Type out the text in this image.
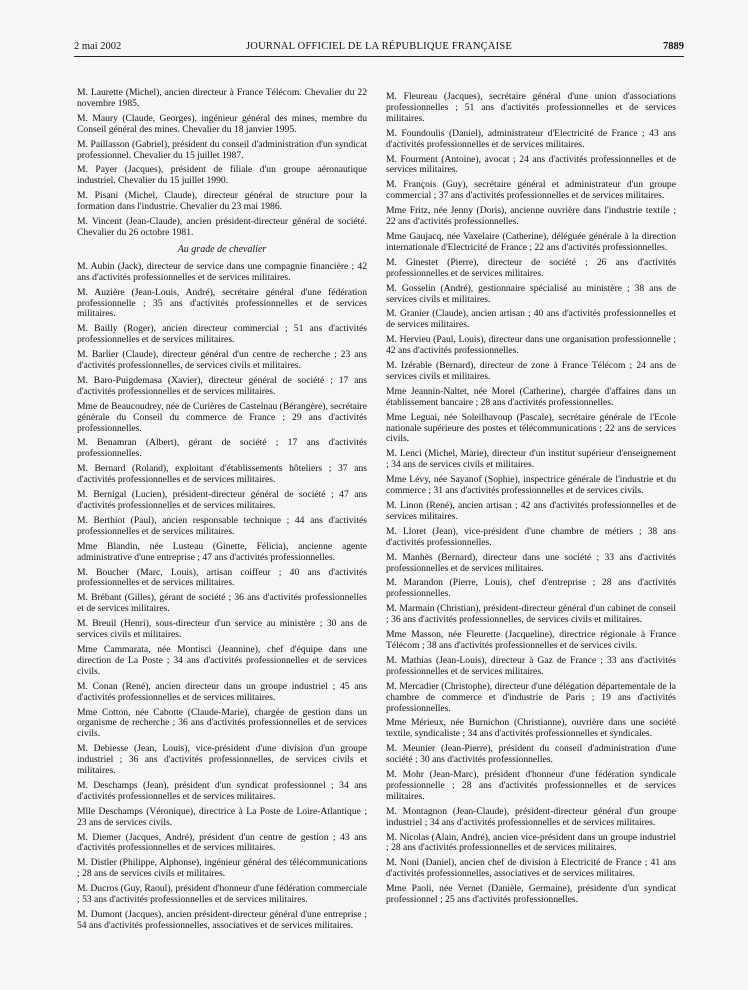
2 mai 2002	JOURNAL OFFICIEL DE LA RÉPUBLIQUE FRANÇAISE	7889

M. Laurette (Michel), ancien directeur à France Télécom. Chevalier du 22 novembre 1985.

M. Maury (Claude, Georges), ingénieur général des mines, membre du Conseil général des mines. Chevalier du 18 janvier 1995.

M. Paillasson (Gabriel), président du conseil d'administration d'un syndicat professionnel. Chevalier du 15 juillet 1987.

M. Payer (Jacques), président de filiale d'un groupe aéronautique industriel. Chevalier du 15 juillet 1990.

M. Pisani (Michel, Claude), directeur général de structure pour la formation dans l'industrie. Chevalier du 23 mai 1986.

M. Vincent (Jean-Claude), ancien président-directeur général de société. Chevalier du 26 octobre 1981.

Au grade de chevalier

M. Aubin (Jack), directeur de service dans une compagnie financière ; 42 ans d'activités professionnelles et de services militaires.

M. Auzière (Jean-Louis, André), secrétaire général d'une fédération professionnelle ; 35 ans d'activités professionnelles et de services militaires.

M. Bailly (Roger), ancien directeur commercial ; 51 ans d'activités professionnelles et de services militaires.

M. Barlier (Claude), directeur général d'un centre de recherche ; 23 ans d'activités professionnelles, de services civils et militaires.

M. Baro-Puigdemasa (Xavier), directeur général de société ; 17 ans d'activités professionnelles et de services militaires.

Mme de Beaucoudrey, née de Curières de Castelnau (Bérangère), secrétaire générale du Conseil du commerce de France ; 29 ans d'activités professionnelles.

M. Benamran (Albert), gérant de société ; 17 ans d'activités professionnelles.

M. Bernard (Roland), exploitant d'établissements hôteliers ; 37 ans d'activités professionnelles et de services militaires.

M. Bernigal (Lucien), président-directeur général de société ; 47 ans d'activités professionnelles et de services militaires.

M. Berthiot (Paul), ancien responsable technique ; 44 ans d'activités professionnelles et de services militaires.

Mme Blandin, née Lusteau (Ginette, Félicia), ancienne agente administrative d'une entreprise ; 47 ans d'activités professionnelles.

M. Boucher (Marc, Louis), artisan coiffeur ; 40 ans d'activités professionnelles et de services militaires.

M. Brébant (Gilles), gérant de société ; 36 ans d'activités professionnelles et de services militaires.

M. Breuil (Henri), sous-directeur d'un service au ministère ; 30 ans de services civils et militaires.

Mme Cammarata, née Montisci (Jeannine), chef d'équipe dans une direction de La Poste ; 34 ans d'activités professionnelles et de services civils.

M. Conan (René), ancien directeur dans un groupe industriel ; 45 ans d'activités professionnelles et de services militaires.

Mme Cotton, née Cabotte (Claude-Marie), chargée de gestion dans un organisme de recherche ; 36 ans d'activités professionnelles et de services civils.

M. Debiesse (Jean, Louis), vice-président d'une division d'un groupe industriel ; 36 ans d'activités professionnelles, de services civils et militaires.

M. Deschamps (Jean), président d'un syndicat professionnel ; 34 ans d'activités professionnelles et de services militaires.

Mlle Deschamps (Véronique), directrice à La Poste de Loire-Atlantique ; 23 ans de services civils.

M. Diemer (Jacques, André), président d'un centre de gestion ; 43 ans d'activités professionnelles et de services militaires.

M. Distler (Philippe, Alphonse), ingénieur général des télécommunications ; 28 ans de services civils et militaires.

M. Ducros (Guy, Raoul), président d'honneur d'une fédération commerciale ; 53 ans d'activités professionnelles et de services militaires.

M. Dumont (Jacques), ancien président-directeur général d'une entreprise ; 54 ans d'activités professionnelles, associatives et de services militaires.

M. Fleureau (Jacques), secrétaire général d'une union d'associations professionnelles ; 51 ans d'activités professionnelles et de services militaires.

M. Foundoulis (Daniel), administrateur d'Electricité de France ; 43 ans d'activités professionnelles et de services militaires.

M. Fourment (Antoine), avocat ; 24 ans d'activités professionnelles et de services militaires.

M. François (Guy), secrétaire général et administrateur d'un groupe commercial ; 37 ans d'activités professionnelles et de services militaires.

Mme Fritz, née Jenny (Doris), ancienne ouvrière dans l'industrie textile ; 22 ans d'activités professionnelles.

Mme Gaujacq, née Vaxelaire (Catherine), déléguée générale à la direction internationale d'Electricité de France ; 22 ans d'activités professionnelles.

M. Ginestet (Pierre), directeur de société ; 26 ans d'activités professionnelles et de services militaires.

M. Gosselin (André), gestionnaire spécialisé au ministère ; 38 ans de services civils et militaires.

M. Granier (Claude), ancien artisan ; 40 ans d'activités professionnelles et de services militaires.

M. Hervieu (Paul, Louis), directeur dans une organisation professionnelle ; 42 ans d'activités professionnelles.

M. Izérable (Bernard), directeur de zone à France Télécom ; 24 ans de services civils et militaires.

Mme Jeannin-Naltet, née Morel (Catherine), chargée d'affaires dans un établissement bancaire ; 28 ans d'activités professionnelles.

Mme Leguai, née Soleilhavoup (Pascale), secrétaire générale de l'Ecole nationale supérieure des postes et télécommunications ; 22 ans de services civils.

M. Lenci (Michel, Marie), directeur d'un institut supérieur d'enseignement ; 34 ans de services civils et militaires.

Mme Lévy, née Sayanof (Sophie), inspectrice générale de l'industrie et du commerce ; 31 ans d'activités professionnelles et de services civils.

M. Linon (René), ancien artisan ; 42 ans d'activités professionnelles et de services militaires.

M. Lloret (Jean), vice-président d'une chambre de métiers ; 38 ans d'activités professionnelles.

M. Manhès (Bernard), directeur dans une société ; 33 ans d'activités professionnelles et de services militaires.

M. Marandon (Pierre, Louis), chef d'entreprise ; 28 ans d'activités professionnelles.

M. Marmain (Christian), président-directeur général d'un cabinet de conseil ; 36 ans d'activités professionnelles, de services civils et militaires.

Mme Masson, née Fleurette (Jacqueline), directrice régionale à France Télécom ; 38 ans d'activités professionnelles et de services civils.

M. Mathias (Jean-Louis), directeur à Gaz de France ; 33 ans d'activités professionnelles et de services militaires.

M. Mercadier (Christophe), directeur d'une délégation départementale de la chambre de commerce et d'industrie de Paris ; 19 ans d'activités professionnelles.

Mme Mérieux, née Burnichon (Christianne), ouvrière dans une société textile, syndicaliste ; 34 ans d'activités professionnelles et syndicales.

M. Meunier (Jean-Pierre), président du conseil d'administration d'une société ; 30 ans d'activités professionnelles.

M. Mohr (Jean-Marc), président d'honneur d'une fédération syndicale professionnelle ; 28 ans d'activités professionnelles et de services militaires.

M. Montagnon (Jean-Claude), président-directeur général d'un groupe industriel ; 34 ans d'activités professionnelles et de services militaires.

M. Nicolas (Alain, André), ancien vice-président dans un groupe industriel ; 28 ans d'activités professionnelles et de services militaires.

M. Noni (Daniel), ancien chef de division à Electricité de France ; 41 ans d'activités professionnelles, associatives et de services militaires.

Mme Paoli, née Vernet (Danièle, Germaine), présidente d'un syndicat professionnel ; 25 ans d'activités professionnelles.
